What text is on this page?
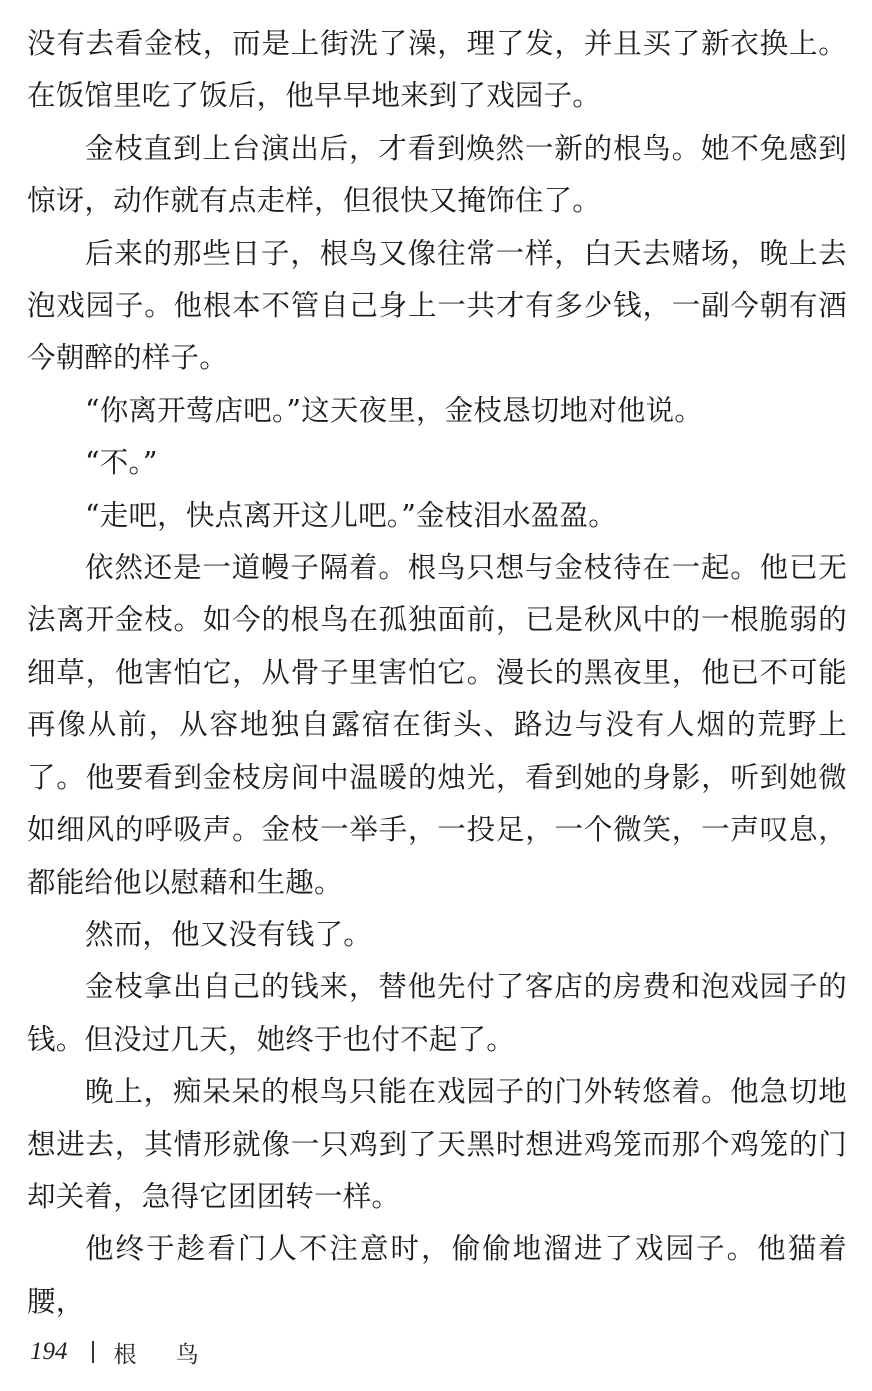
没有去看金枝，而是上街洗了澡，理了发，并且买了新衣换上。在饭馆里吃了饭后，他早早地来到了戏园子。

金枝直到上台演出后，才看到焕然一新的根鸟。她不免感到惊讶，动作就有点走样，但很快又掩饰住了。

后来的那些日子，根鸟又像往常一样，白天去赌场，晚上去泡戏园子。他根本不管自己身上一共才有多少钱，一副今朝有酒今朝醉的样子。

“你离开莺店吧。”这天夜里，金枝恳切地对他说。

“不。”

“走吧，快点离开这儿吧。”金枝泪水盈盈。

依然还是一道幔子隔着。根鸟只想与金枝待在一起。他已无法离开金枝。如今的根鸟在孤独面前，已是秋风中的一根脆弱的细草，他害怕它，从骨子里害怕它。漫长的黑夜里，他已不可能再像从前，从容地独自露宿在街头、路边与没有人烟的荒野上了。他要看到金枝房间中温暖的烛光，看到她的身影，听到她微如细风的呼吸声。金枝一举手，一投足，一个微笑，一声叹息，都能给他以慰藉和生趣。

然而，他又没有钱了。

金枝拿出自己的钱来，替他先付了客店的房费和泡戏园子的钱。但没过几天，她终于也付不起了。

晚上，痴呆呆的根鸟只能在戏园子的门外转悠着。他急切地想进去，其情形就像一只鸡到了天黑时想进鸡笼而那个鸡笼的门却关着，急得它团团转一样。

他终于趁看门人不注意时，偷偷地溜进了戏园子。他猫着腰，

194 根 鸟
